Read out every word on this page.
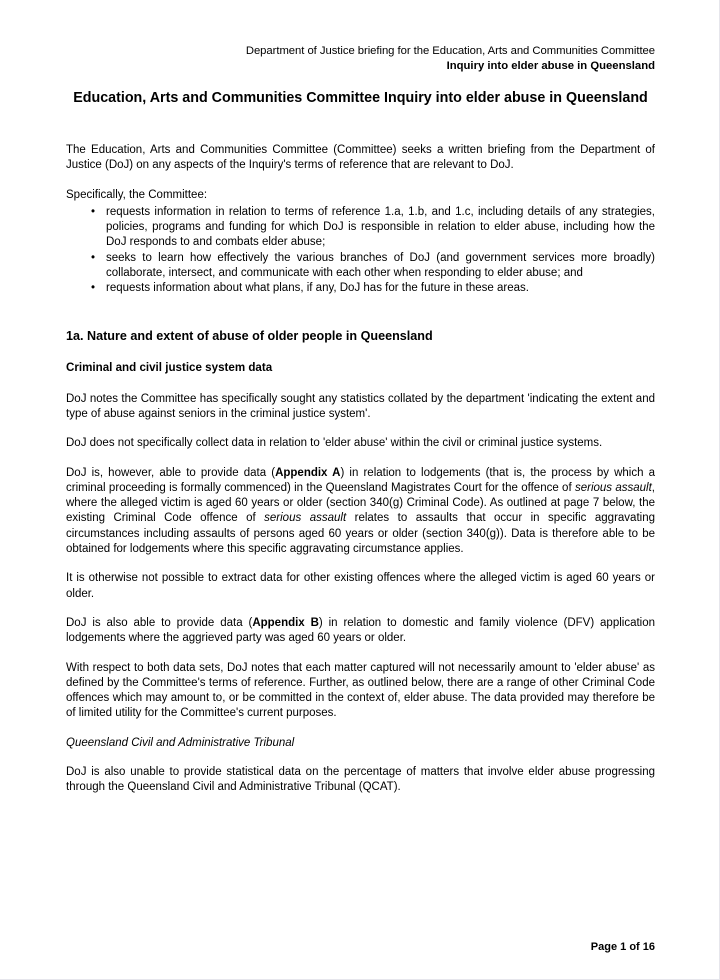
Department of Justice briefing for the Education, Arts and Communities Committee
Inquiry into elder abuse in Queensland
Education, Arts and Communities Committee Inquiry into elder abuse in Queensland

The Education, Arts and Communities Committee (Committee) seeks a written briefing from the Department of Justice (DoJ) on any aspects of the Inquiry's terms of reference that are relevant to DoJ.

Specifically, the Committee:

• requests information in relation to terms of reference 1.a, 1.b, and 1.c, including details of any strategies, policies, programs and funding for which DoJ is responsible in relation to elder abuse, including how the DoJ responds to and combats elder abuse;
• seeks to learn how effectively the various branches of DoJ (and government services more broadly) collaborate, intersect, and communicate with each other when responding to elder abuse; and
• requests information about what plans, if any, DoJ has for the future in these areas.
1a. Nature and extent of abuse of older people in Queensland
Criminal and civil justice system data

DoJ notes the Committee has specifically sought any statistics collated by the department 'indicating the extent and type of abuse against seniors in the criminal justice system'.

DoJ does not specifically collect data in relation to 'elder abuse' within the civil or criminal justice systems.

DoJ is, however, able to provide data (Appendix A) in relation to lodgements (that is, the process by which a criminal proceeding is formally commenced) in the Queensland Magistrates Court for the offence of serious assault, where the alleged victim is aged 60 years or older (section 340(g) Criminal Code). As outlined at page 7 below, the existing Criminal Code offence of serious assault relates to assaults that occur in specific aggravating circumstances including assaults of persons aged 60 years or older (section 340(g)). Data is therefore able to be obtained for lodgements where this specific aggravating circumstance applies.

It is otherwise not possible to extract data for other existing offences where the alleged victim is aged 60 years or older.

DoJ is also able to provide data (Appendix B) in relation to domestic and family violence (DFV) application lodgements where the aggrieved party was aged 60 years or older.

With respect to both data sets, DoJ notes that each matter captured will not necessarily amount to 'elder abuse' as defined by the Committee's terms of reference. Further, as outlined below, there are a range of other Criminal Code offences which may amount to, or be committed in the context of, elder abuse. The data provided may therefore be of limited utility for the Committee's current purposes.

Queensland Civil and Administrative Tribunal

DoJ is also unable to provide statistical data on the percentage of matters that involve elder abuse progressing through the Queensland Civil and Administrative Tribunal (QCAT).

Page 1 of 16
